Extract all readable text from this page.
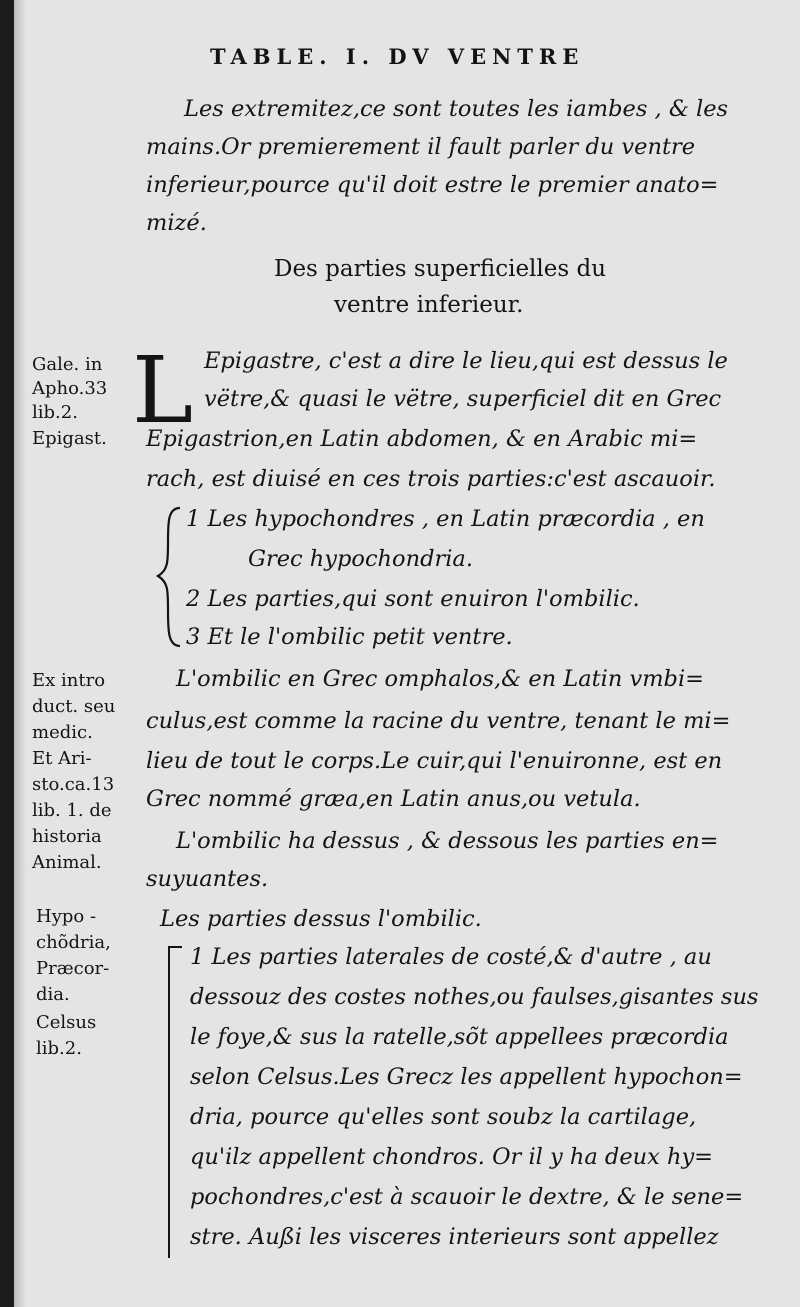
TABLE. I. DV VENTRE
Les extremitez,ce sont toutes les iambes , & les
mains.Or premierement il fault parler du ventre
inferieur,pource qu'il doit estre le premier anato=
mizé.
Des parties superficielles du
ventre inferieur.
L Epigastre, c'est a dire le lieu,qui est dessus le
vëtre,& quasi le vëtre, superficiel dit en Grec
Epigastrion,en Latin abdomen, & en Arabic mi=
rach, est diuisé en ces trois parties:c'est ascauoir.
1 Les hypochondres , en Latin præcordia , en
Grec hypochondria.
2 Les parties,qui sont enuiron l'ombilic.
3 Et le l'ombilic petit ventre.
L'ombilic en Grec omphalos,& en Latin vmbi=
culus,est comme la racine du ventre, tenant le mi=
lieu de tout le corps.Le cuir,qui l'enuironne, est en
Grec nommé græa,en Latin anus,ou vetula.
L'ombilic ha dessus , & dessous les parties en=
suyuantes.
Les parties dessus l'ombilic.
1 Les parties laterales de costé,& d'autre , au
dessouz des costes nothes,ou faulses,gisantes sus
le foye,& sus la ratelle,sõt appellees præcordia
selon Celsus.Les Grecz les appellent hypochon=
dria, pource qu'elles sont soubz la cartilage,
qu'ilz appellent chondros. Or il y ha deux hy=
pochondres,c'est à scauoir le dextre, & le sene=
stre. Außi les visceres interieurs sont appellez
Gale. in
Apho.33
lib.2.
Epigast.
Ex intro
duct. seu
medic.
Et Ari-
sto.ca.13
lib. 1. de
historia
Animal.
Hypo -
chõdria,
Præcor-
dia.
Celsus
lib.2.
